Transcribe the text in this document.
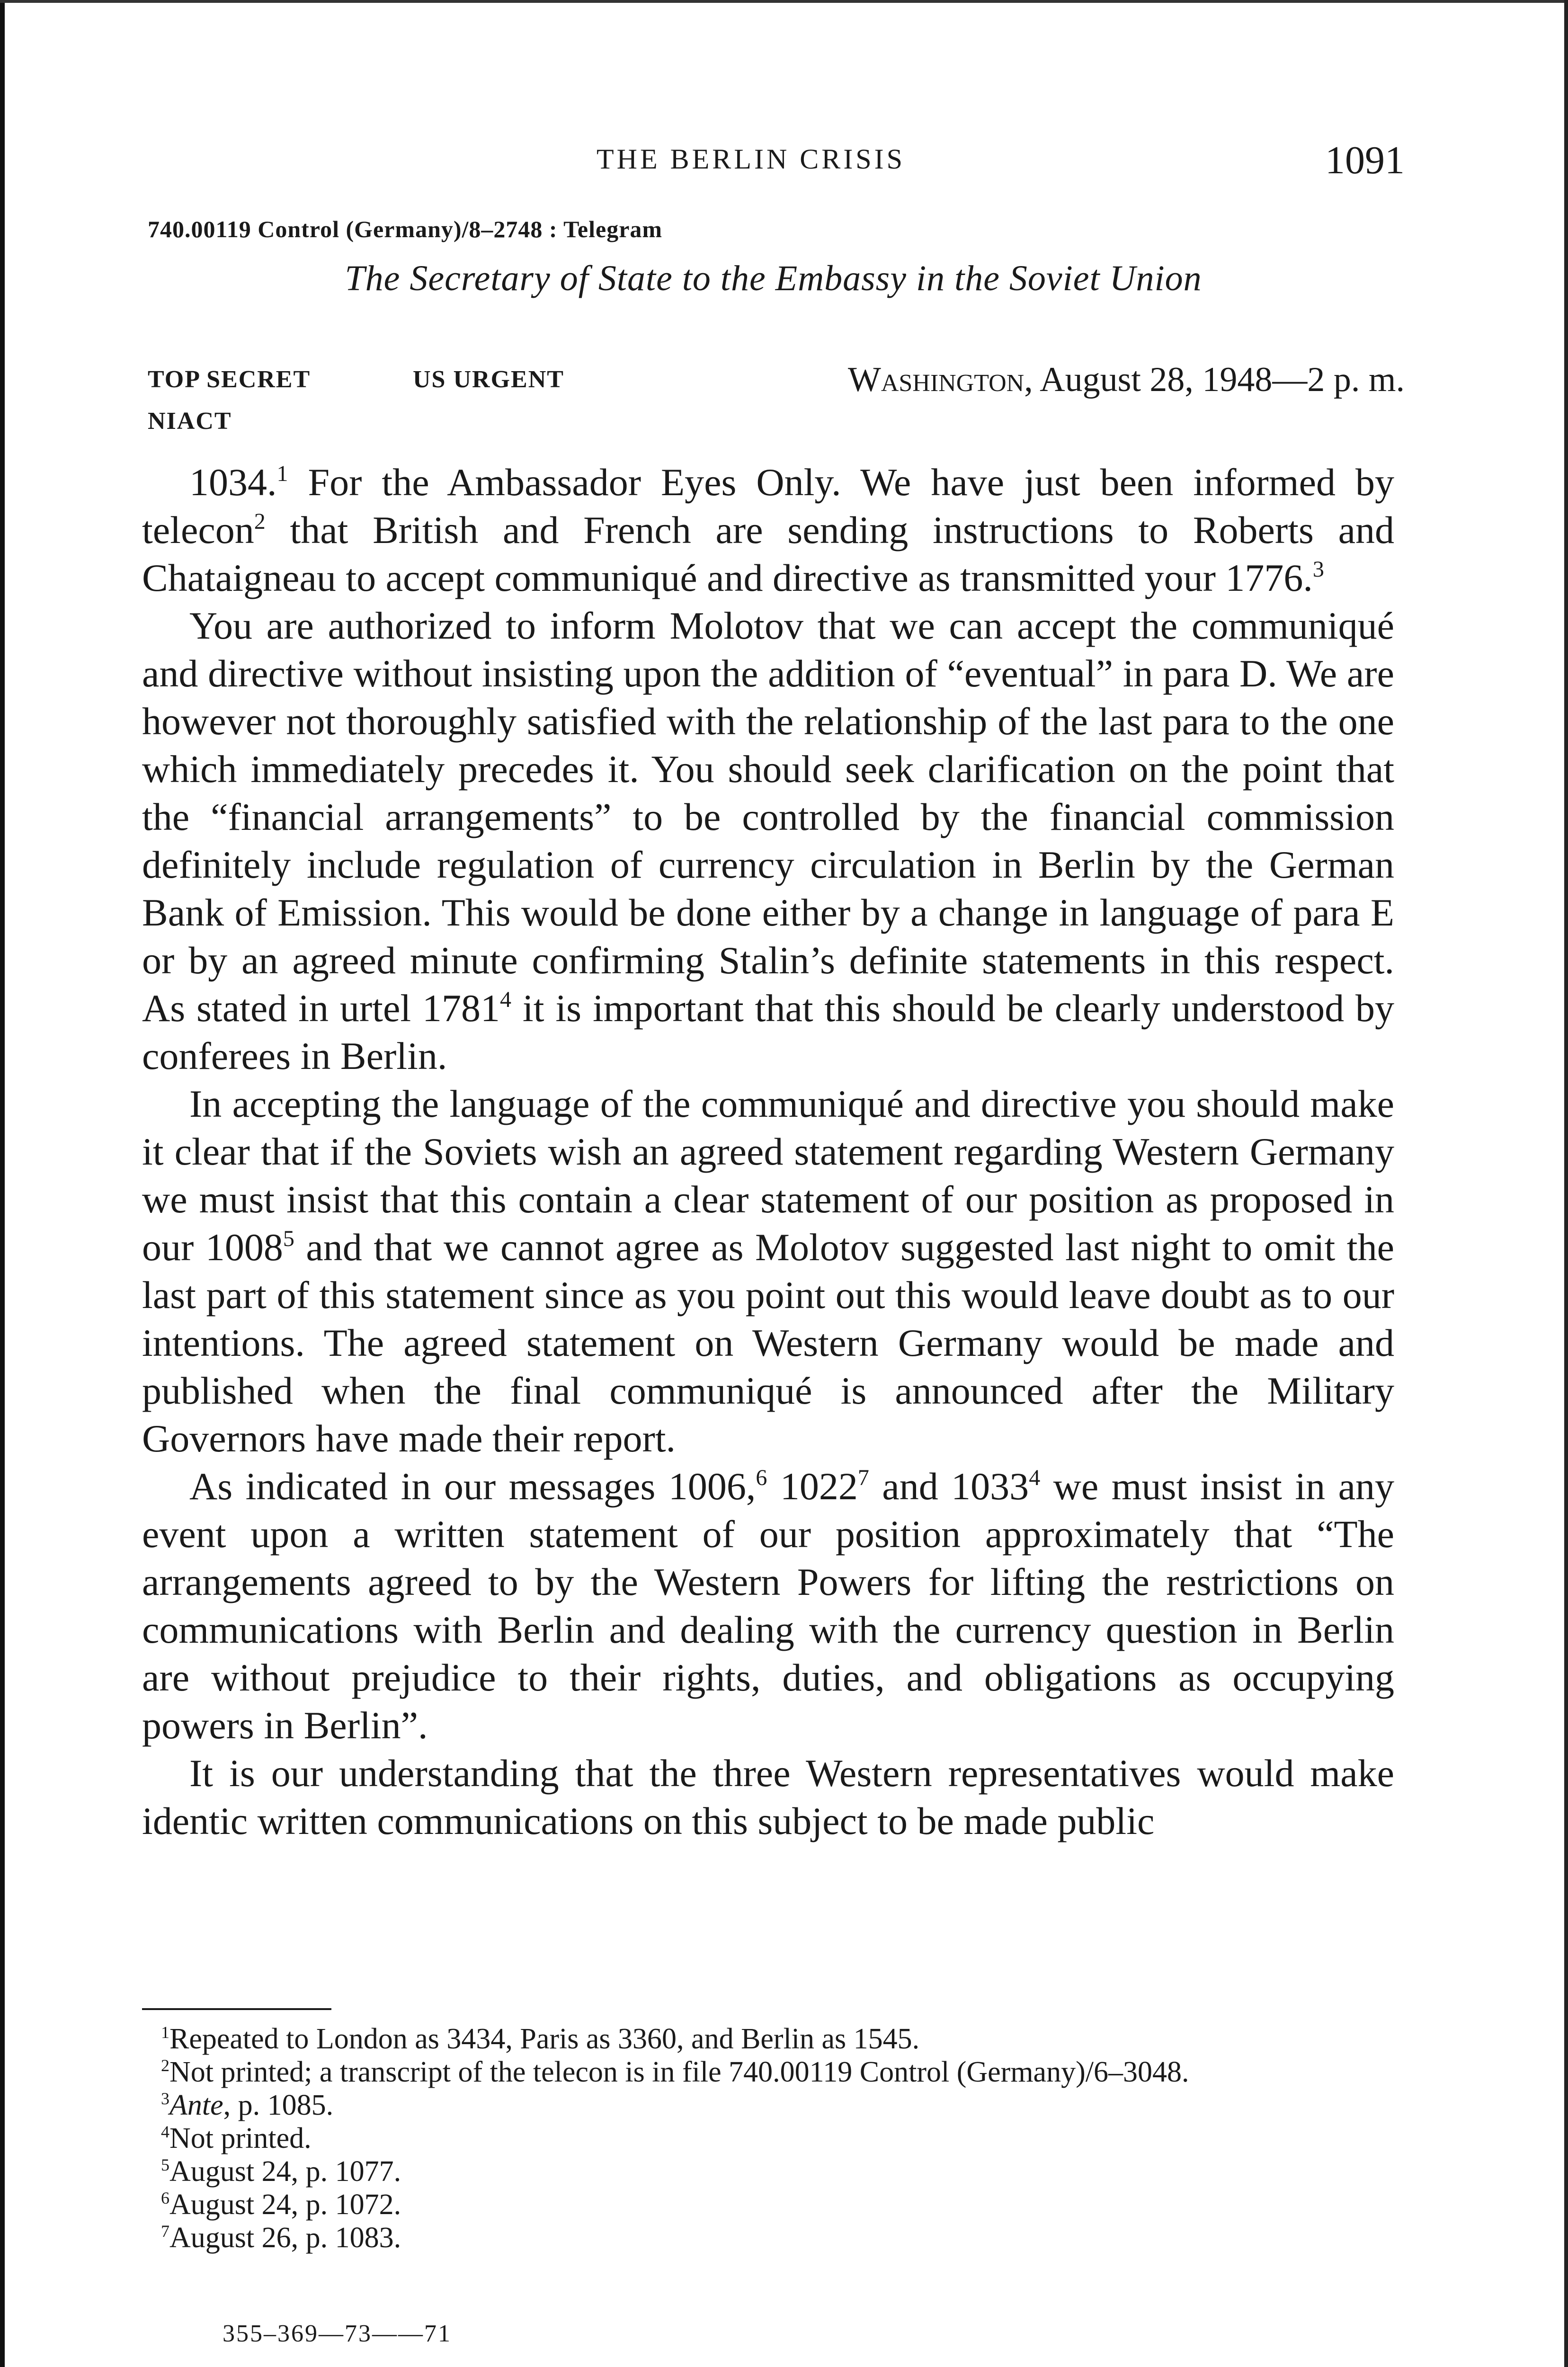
THE BERLIN CRISIS	1091
740.00119 Control (Germany)/8–2748 : Telegram
The Secretary of State to the Embassy in the Soviet Union
TOP SECRET	US URGENT	Washington, August 28, 1948—2 p. m.
NIACT

1034.$^1$ For the Ambassador Eyes Only. We have just been informed by telecon$^2$ that British and French are sending instructions to Roberts and Chataigneau to accept communiqué and directive as transmitted your 1776.$^3$

You are authorized to inform Molotov that we can accept the communiqué and directive without insisting upon the addition of “eventual” in para D. We are however not thoroughly satisfied with the relationship of the last para to the one which immediately precedes it. You should seek clarification on the point that the “financial arrangements” to be controlled by the financial commission definitely include regulation of currency circulation in Berlin by the German Bank of Emission. This would be done either by a change in language of para E or by an agreed minute confirming Stalin’s definite statements in this respect. As stated in urtel 1781$^4$ it is important that this should be clearly understood by conferees in Berlin.

In accepting the language of the communiqué and directive you should make it clear that if the Soviets wish an agreed statement regarding Western Germany we must insist that this contain a clear statement of our position as proposed in our 1008$^5$ and that we cannot agree as Molotov suggested last night to omit the last part of this statement since as you point out this would leave doubt as to our intentions. The agreed statement on Western Germany would be made and published when the final communiqué is announced after the Military Governors have made their report.

As indicated in our messages 1006,$^6$ 1022$^7$ and 1033$^4$ we must insist in any event upon a written statement of our position approximately that “The arrangements agreed to by the Western Powers for lifting the restrictions on communications with Berlin and dealing with the currency question in Berlin are without prejudice to their rights, duties, and obligations as occupying powers in Berlin”.

It is our understanding that the three Western representatives would make identic written communications on this subject to be made public

$^1$Repeated to London as 3434, Paris as 3360, and Berlin as 1545.
$^2$Not printed; a transcript of the telecon is in file 740.00119 Control (Germany)/6–3048.
$^3$Ante, p. 1085.
$^4$Not printed.
$^5$August 24, p. 1077.
$^6$August 24, p. 1072.
$^7$August 26, p. 1083.
355–369—73——71
